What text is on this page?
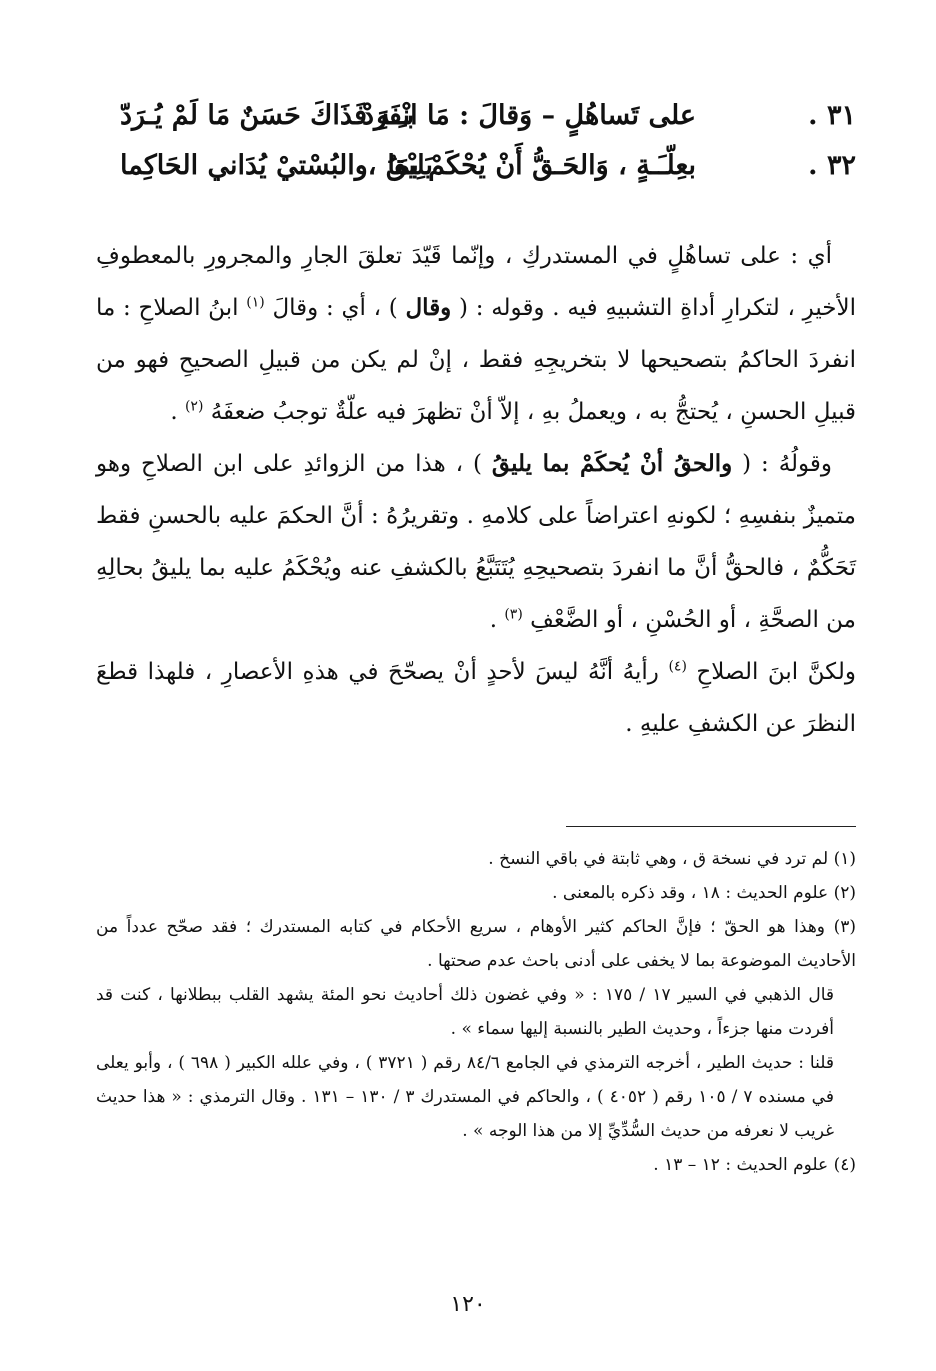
٣١ .
على تَساهُلٍ – وَقالَ : مَا انْفَرَدْ
بـِـهِ فَذَاكَ حَسَنٌ مَا لَمْ يُـرَدّ
٣٢ .
بعِلّـَـةٍ ، وَالحَـقُّ أَنْ يُحْكَمْ بمَا
يَلِيْقُ ،والبُسْتيْ يُدَاني الحَاكِما

أي : على تساهُلٍ في المستدركِ ، وإنّما قَيّدَ تعلقَ الجارِ والمجرورِ بالمعطوفِ الأخيرِ ، لتكرارِ أداةِ التشبيهِ فيه . وقوله : ( وقال ) ، أي : وقالَ $^{(١)}$ ابنُ الصلاحِ : ما انفردَ الحاكمُ بتصحيحها لا بتخريجِهِ فقط ، إنْ لم يكن من قبيلِ الصحيحِ فهو من قبيلِ الحسنِ ، يُحتجُّ به ، ويعملُ بهِ ، إلاّ أنْ تظهرَ فيه علّةٌ توجبُ ضعفَهُ $^{(٢)}$ .

وقولُهُ : ( والحقُ أنْ يُحكَمْ بما يليقُ ) ، هذا من الزوائدِ على ابن الصلاحِ وهو متميزٌ بنفسِهِ ؛ لكونهِ اعتراضاً على كلامهِ . وتقريرُهُ : أنَّ الحكمَ عليه بالحسنِ فقط تَحَكُّمٌ ، فالحقُّ أنَّ ما انفردَ بتصحيحِهِ يُتَتَبَّعُ بالكشفِ عنه ويُحْكَمُ عليه بما يليقُ بحالِهِ من الصحَّةِ ، أو الحُسْنِ ، أو الضَّعْفِ $^{(٣)}$ .

ولكنَّ ابنَ الصلاحِ $^{(٤)}$ رأيهُ أنَّهُ ليسَ لأحدٍ أنْ يصحّحَ في هذهِ الأعصارِ ، فلهذا قطعَ النظرَ عن الكشفِ عليهِ .

(١) لم ترد في نسخة ق ، وهي ثابتة في باقي النسخ .

(٢) علوم الحديث : ١٨ ، وقد ذكره بالمعنى .

(٣) وهذا هو الحقّ ؛ فإنَّ الحاكم كثير الأوهام ، سريع الأحكام في كتابه المستدرك ؛ فقد صحّح عدداً من الأحاديث الموضوعة بما لا يخفى على أدنى باحث عدم صحتها .

قال الذهبي في السير ١٧ / ١٧٥ : « وفي غضون ذلك أحاديث نحو المئة يشهد القلب ببطلانها ، كنت قد أفردت منها جزءاً ، وحديث الطير بالنسبة إليها سماء » .

قلنا : حديث الطير ، أخرجه الترمذي في الجامع ٨٤/٦ رقم ( ٣٧٢١ ) ، وفي علله الكبير ( ٦٩٨ ) ، وأبو يعلى في مسنده ٧ / ١٠٥ رقم ( ٤٠٥٢ ) ، والحاكم في المستدرك ٣ / ١٣٠ – ١٣١ . وقال الترمذي : « هذا حديث غريب لا نعرفه من حديث السُّدِّيِّ إلا من هذا الوجه » .

(٤) علوم الحديث : ١٢ – ١٣ .

١٢٠
